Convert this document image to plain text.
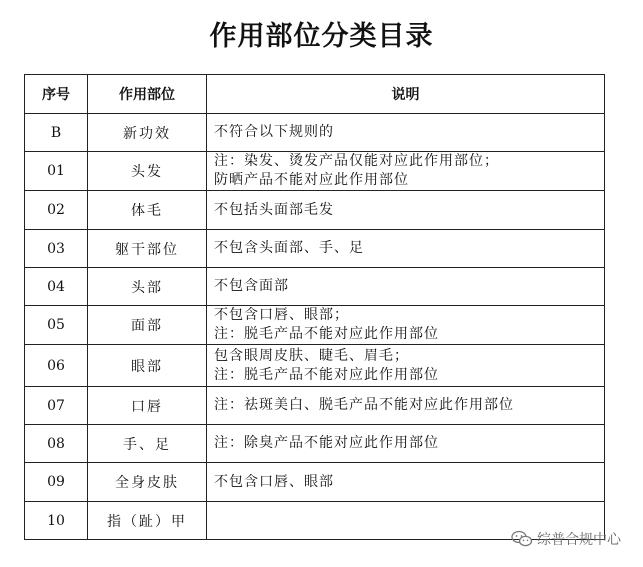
作用部位分类目录
序号	作用部位	说明
B	新功效	不符合以下规则的

01	头发	注：染发、烫发产品仅能对应此作用部位；
防晒产品不能对应此作用部位

02	体毛	不包括头面部毛发

03	躯干部位	不包含头面部、手、足

04	头部	不包含面部

05	面部	不包含口唇、眼部；
注：脱毛产品不能对应此作用部位

06	眼部	包含眼周皮肤、睫毛、眉毛；
注：脱毛产品不能对应此作用部位

07	口唇	注：祛斑美白、脱毛产品不能对应此作用部位

08	手、足	注：除臭产品不能对应此作用部位

09	全身皮肤	不包含口唇、眼部

10	指（趾）甲	
综普合规中心
